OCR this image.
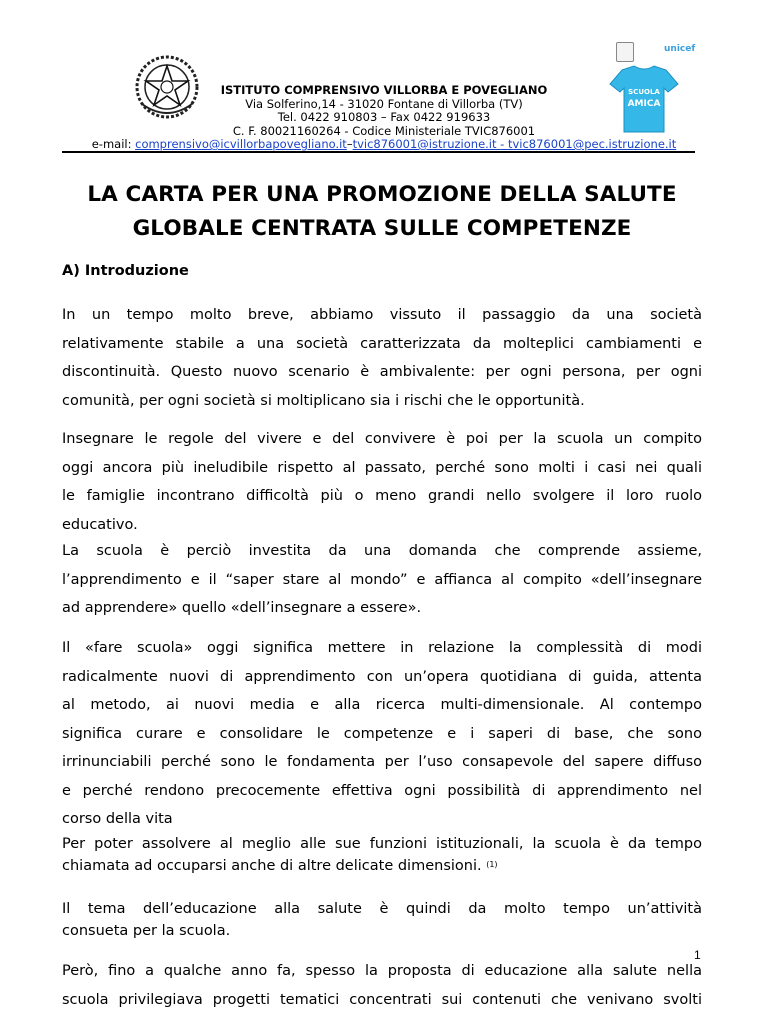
unicef
SCUOLA
AMICA
ISTITUTO COMPRENSIVO VILLORBA E POVEGLIANO
Via Solferino,14 - 31020 Fontane di Villorba (TV)
Tel. 0422 910803 – Fax 0422 919633
C. F. 80021160264 - Codice Ministeriale TVIC876001
e-mail: comprensivo@icvillorbapovegliano.it–tvic876001@istruzione.it - tvic876001@pec.istruzione.it
LA CARTA PER UNA PROMOZIONE DELLA SALUTE
GLOBALE CENTRATA SULLE COMPETENZE
A) Introduzione
In un tempo molto breve, abbiamo vissuto il passaggio da una società
relativamente stabile a una società caratterizzata da molteplici cambiamenti e
discontinuità. Questo nuovo scenario è ambivalente: per ogni persona, per ogni
comunità, per ogni società si moltiplicano sia i rischi che le opportunità.
Insegnare le regole del vivere e del convivere è poi per la scuola un compito
oggi ancora più ineludibile rispetto al passato, perché sono molti i casi nei quali
le famiglie incontrano difficoltà più o meno grandi nello svolgere il loro ruolo
educativo.
La scuola è perciò investita da una domanda che comprende assieme,
l’apprendimento e il “saper stare al mondo” e affianca al compito «dell’insegnare
ad apprendere» quello «dell’insegnare a essere».
Il «fare scuola» oggi significa mettere in relazione la complessità di modi
radicalmente nuovi di apprendimento con un’opera quotidiana di guida, attenta
al metodo, ai nuovi media e alla ricerca multi-dimensionale. Al contempo
significa curare e consolidare le competenze e i saperi di base, che sono
irrinunciabili perché sono le fondamenta per l’uso consapevole del sapere diffuso
e perché rendono precocemente effettiva ogni possibilità di apprendimento nel
corso della vita
Per poter assolvere al meglio alle sue funzioni istituzionali, la scuola è da tempo
chiamata ad occuparsi anche di altre delicate dimensioni. $^{(1)}$
Il tema dell’educazione alla salute è quindi da molto tempo un’attività
consueta per la scuola.
Però, fino a qualche anno fa, spesso la proposta di educazione alla salute nella
scuola privilegiava progetti tematici concentrati sui contenuti che venivano svolti
1
